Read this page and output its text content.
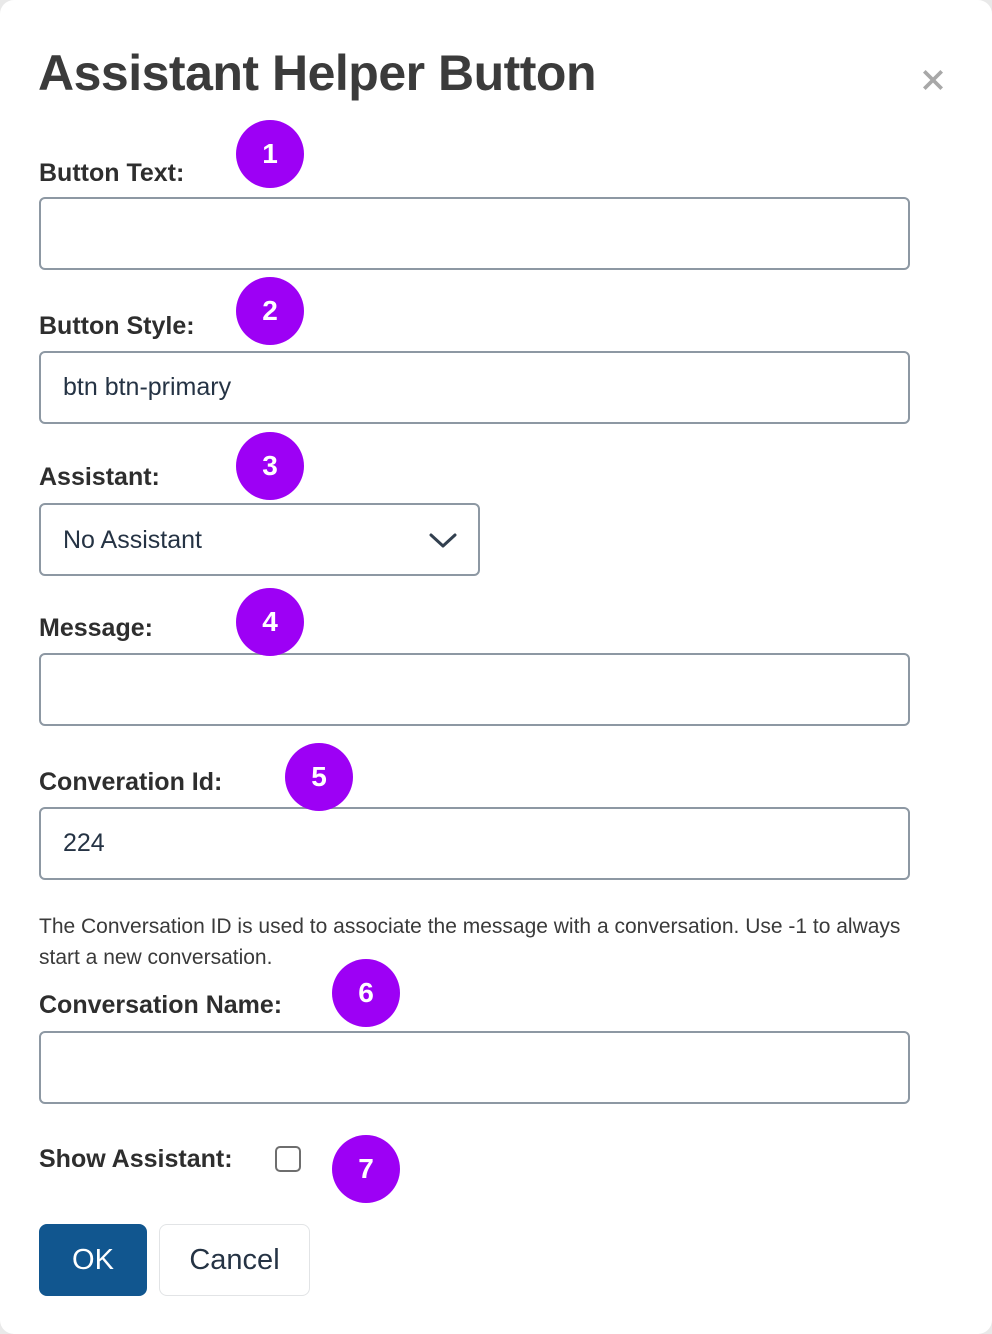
Assistant Helper Button
Button Text:
Button Style:
btn btn-primary
Assistant:
No Assistant
Message:
Converation Id:
224
The Conversation ID is used to associate the message with a conversation. Use -1 to always start a new conversation.
Conversation Name:
Show Assistant:
OK	Cancel
1
2
3
4
5
6
7
